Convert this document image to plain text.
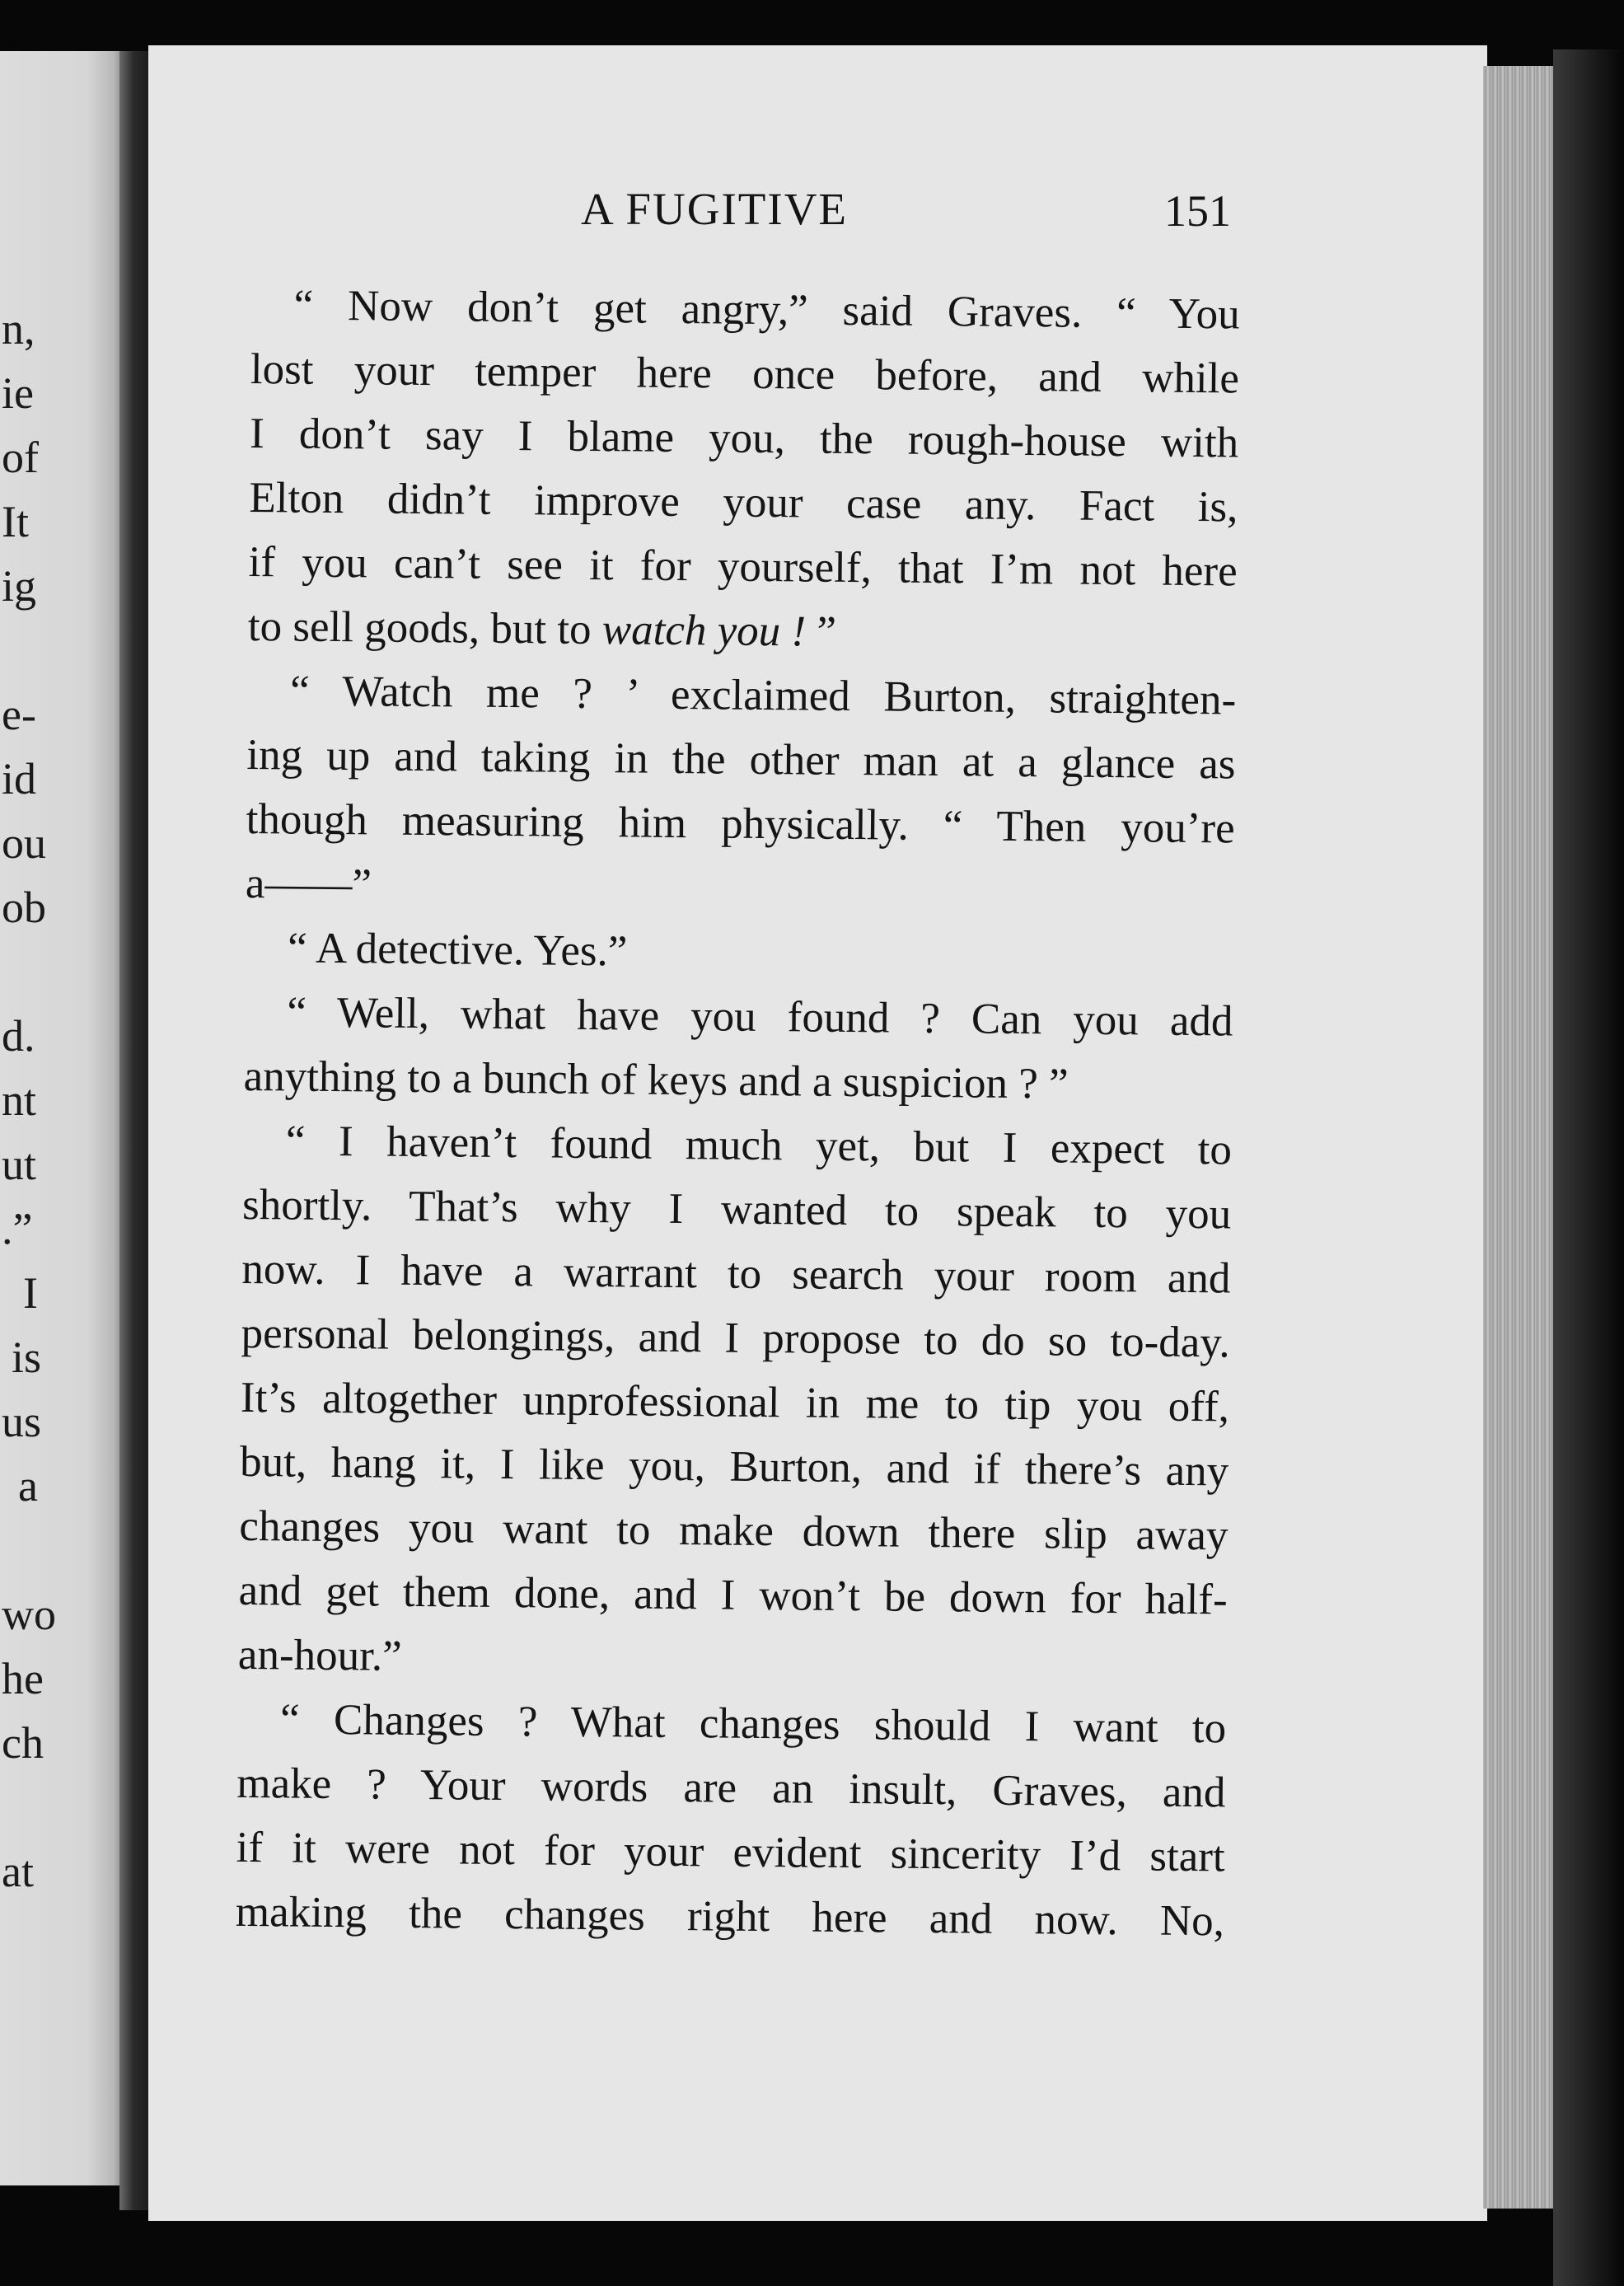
n,
ie
of
It
ig
e-
id
ou
ob
d.
nt
ut
.”
I
is
us
a
wo
he
ch
at
A FUGITIVE	151
“ Now don’t get angry,” said Graves. “ You
lost your temper here once before, and while
I don’t say I blame you, the rough-house with
Elton didn’t improve your case any. Fact is,
if you can’t see it for yourself, that I’m not here
to sell goods, but to watch you ! ”
“ Watch me ? ’ exclaimed Burton, straighten-
ing up and taking in the other man at a glance as
though measuring him physically. “ Then you’re
a——”
“ A detective. Yes.”
“ Well, what have you found ? Can you add
anything to a bunch of keys and a suspicion ? ”
“ I haven’t found much yet, but I expect to
shortly. That’s why I wanted to speak to you
now. I have a warrant to search your room and
personal belongings, and I propose to do so to-day.
It’s altogether unprofessional in me to tip you off,
but, hang it, I like you, Burton, and if there’s any
changes you want to make down there slip away
and get them done, and I won’t be down for half-
an-hour.”
“ Changes ? What changes should I want to
make ? Your words are an insult, Graves, and
if it were not for your evident sincerity I’d start
making the changes right here and now. No,
